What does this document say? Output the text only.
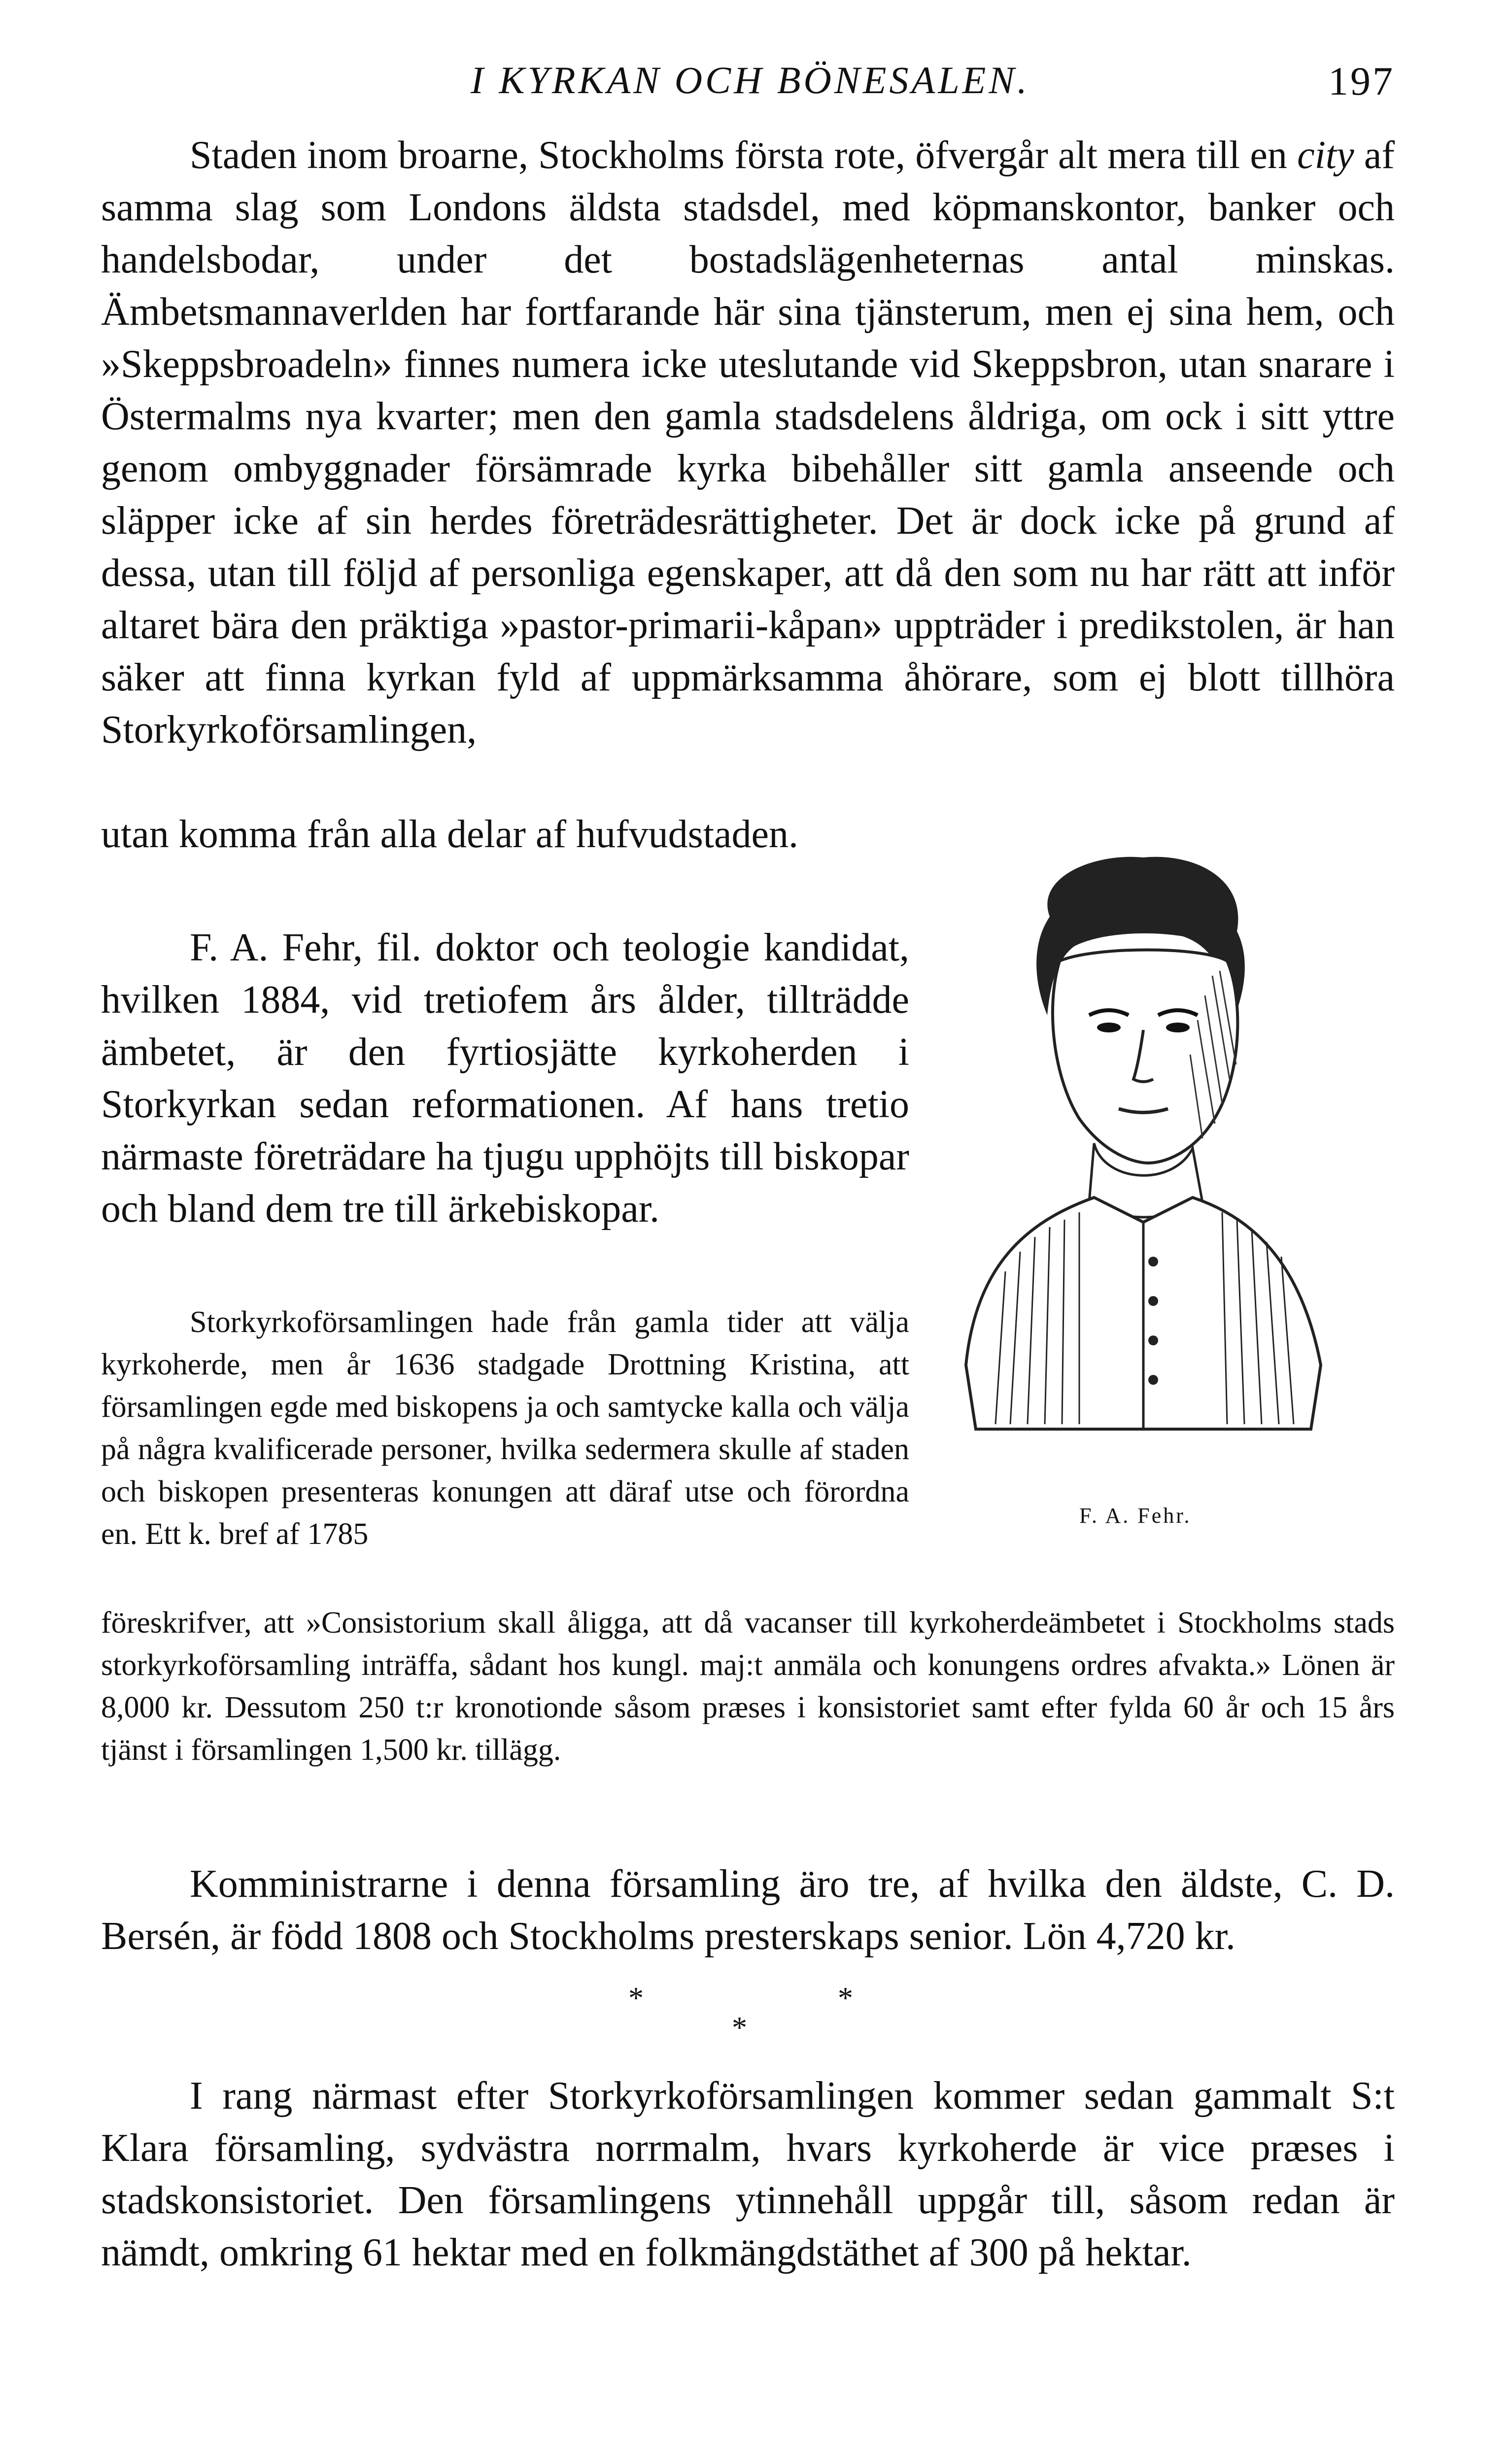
I KYRKAN OCH BÖNESALEN.	197

Staden inom broarne, Stockholms första rote, öfvergår alt mera till en city af samma slag som Londons äldsta stadsdel, med köpmanskontor, banker och handelsbodar, under det bostadslägenheternas antal minskas. Ämbetsmannaverlden har fortfarande här sina tjänsterum, men ej sina hem, och »Skeppsbroadeln» finnes numera icke uteslutande vid Skeppsbron, utan snarare i Östermalms nya kvarter; men den gamla stadsdelens åldriga, om ock i sitt yttre genom ombyggnader försämrade kyrka bibehåller sitt gamla anseende och släpper icke af sin herdes företrädesrättigheter. Det är dock icke på grund af dessa, utan till följd af personliga egenskaper, att då den som nu har rätt att inför altaret bära den präktiga »pastor-primarii-kåpan» uppträder i predikstolen, är han säker att finna kyrkan fyld af uppmärksamma åhörare, som ej blott tillhöra Storkyrkoförsamlingen,

utan komma från alla delar af hufvudstaden.

F. A. Fehr, fil. doktor och teologie kandidat, hvilken 1884, vid tretiofem års ålder, tillträdde ämbetet, är den fyrtiosjätte kyrkoherden i Storkyrkan sedan reformationen. Af hans tretio närmaste företrädare ha tjugu upphöjts till biskopar och bland dem tre till ärkebiskopar.

F. A. Fehr.

Storkyrkoförsamlingen hade från gamla tider att välja kyrkoherde, men år 1636 stadgade Drottning Kristina, att församlingen egde med biskopens ja och samtycke kalla och välja på några kvalificerade personer, hvilka sedermera skulle af staden och biskopen presenteras konungen att däraf utse och förordna en. Ett k. bref af 1785

föreskrifver, att »Consistorium skall åligga, att då vacanser till kyrkoherdeämbetet i Stockholms stads storkyrkoförsamling inträffa, sådant hos kungl. maj:t anmäla och konungens ordres afvakta.» Lönen är 8,000 kr. Dessutom 250 t:r kronotionde såsom præses i konsistoriet samt efter fylda 60 år och 15 års tjänst i församlingen 1,500 kr. tillägg.

Komministrarne i denna församling äro tre, af hvilka den äldste, C. D. Bersén, är född 1808 och Stockholms presterskaps senior. Lön 4,720 kr.

*	*
*

I rang närmast efter Storkyrkoförsamlingen kommer sedan gammalt S:t Klara församling, sydvästra norrmalm, hvars kyrkoherde är vice præses i stadskonsistoriet. Den församlingens ytinnehåll uppgår till, såsom redan är nämdt, omkring 61 hektar med en folkmängdstäthet af 300 på hektar.
